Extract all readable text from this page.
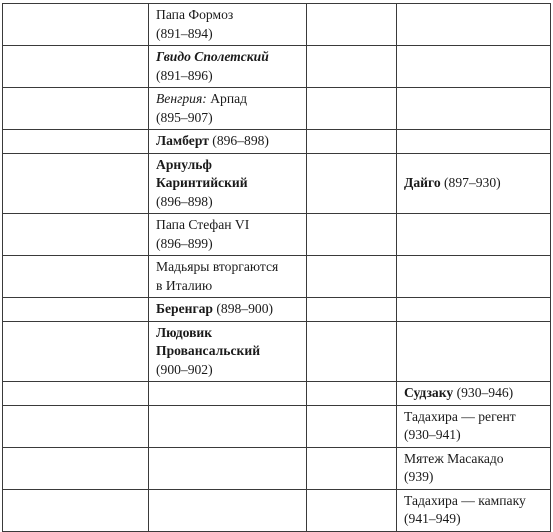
	Папа Формоз
(891–894)		
	Гвидо Сполетский
(891–896)		
	Венгрия: Арпад
(895–907)		
	Ламберт (896–898)		
	Арнульф
Каринтийский
(896–898)		Дайго (897–930)
	Папа Стефан VI
(896–899)		
	Мадьяры вторгаются
в Италию		
	Беренгар (898–900)		
	Людовик
Провансальский
(900–902)		
			Судзаку (930–946)
			Тадахира — регент
(930–941)
			Мятеж Масакадо
(939)
			Тадахира — кампаку
(941–949)
